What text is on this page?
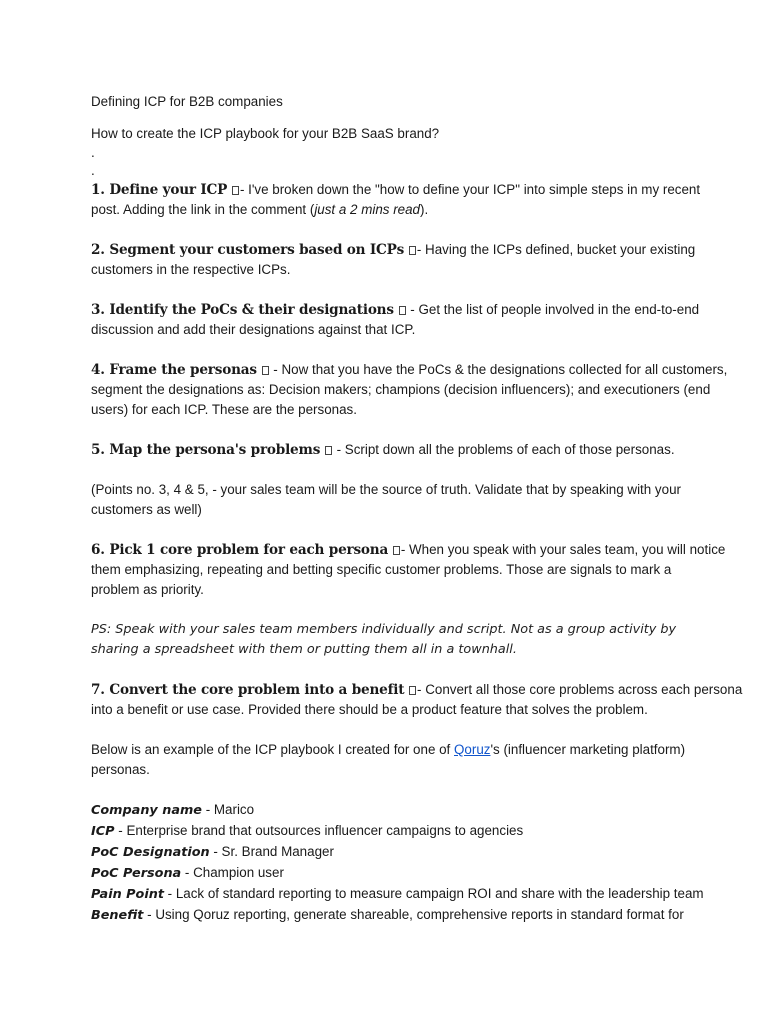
Defining ICP for B2B companies

How to create the ICP playbook for your B2B SaaS brand?

.

.

1. Define your ICP - I've broken down the "how to define your ICP" into simple steps in my recent

post. Adding the link in the comment (just a 2 mins read).

2. Segment your customers based on ICPs - Having the ICPs defined, bucket your existing

customers in the respective ICPs.

3. Identify the PoCs & their designations  - Get the list of people involved in the end-to-end

discussion and add their designations against that ICP.

4. Frame the personas  - Now that you have the PoCs & the designations collected for all customers,

segment the designations as: Decision makers; champions (decision influencers); and executioners (end

users) for each ICP. These are the personas.

5. Map the persona's problems  - Script down all the problems of each of those personas.

(Points no. 3, 4 & 5, - your sales team will be the source of truth. Validate that by speaking with your

customers as well)

6. Pick 1 core problem for each persona - When you speak with your sales team, you will notice

them emphasizing, repeating and betting specific customer problems. Those are signals to mark a

problem as priority.

PS: Speak with your sales team members individually and script. Not as a group activity by

sharing a spreadsheet with them or putting them all in a townhall.

7. Convert the core problem into a benefit - Convert all those core problems across each persona

into a benefit or use case. Provided there should be a product feature that solves the problem.

Below is an example of the ICP playbook I created for one of Qoruz's (influencer marketing platform)

personas.

Company name - Marico

ICP - Enterprise brand that outsources influencer campaigns to agencies

PoC Designation - Sr. Brand Manager

PoC Persona - Champion user

Pain Point - Lack of standard reporting to measure campaign ROI and share with the leadership team

Benefit - Using Qoruz reporting, generate shareable, comprehensive reports in standard format for
